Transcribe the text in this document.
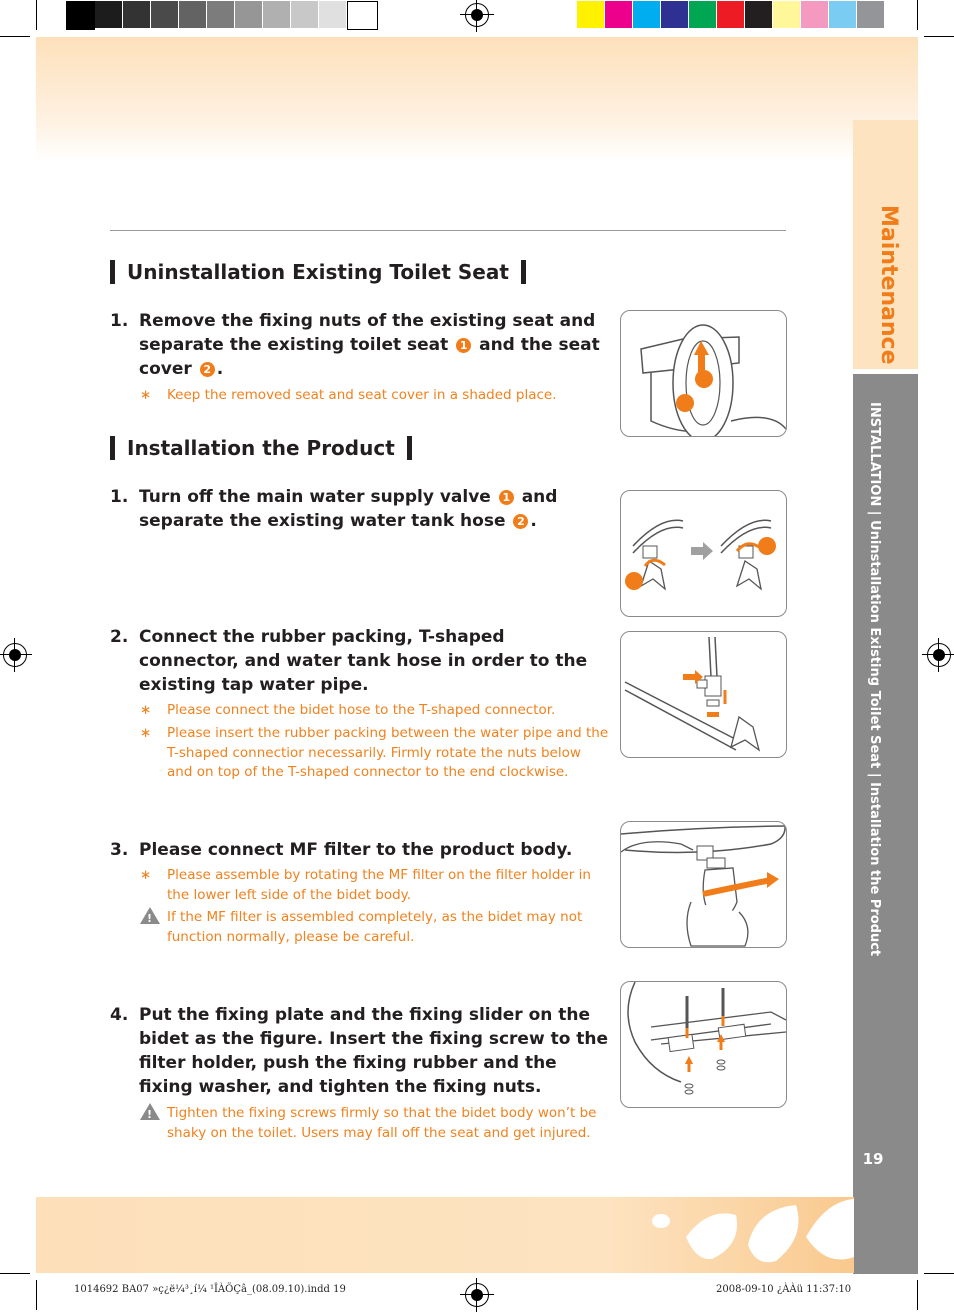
Maintenance
INSTALLATION | Uninstallation Existing Toilet Seat | Installation the Product
19
Uninstallation Existing Toilet Seat
1. Remove the fixing nuts of the existing seat and separate the existing toilet seat 1 and the seat cover 2 .
∗	Keep the removed seat and seat cover in a shaded place.
Installation the Product
1. Turn off the main water supply valve 1 and separate the existing water tank hose 2 .
2. Connect the rubber packing, T-shaped connector, and water tank hose in order to the existing tap water pipe.
∗	Please connect the bidet hose to the T-shaped connector.
∗	Please insert the rubber packing between the water pipe and the T-shaped connectior necessarily. Firmly rotate the nuts below and on top of the T-shaped connector to the end clockwise.
3. Please connect MF filter to the product body.
∗	Please assemble by rotating the MF filter on the filter holder in the lower left side of the bidet body.
!
If the MF filter is assembled completely, as the bidet may not function normally, please be careful.
4. Put the fixing plate and the fixing slider on the bidet as the figure. Insert the fixing screw to the filter holder, push the fixing rubber and the fixing washer, and tighten the fixing nuts.
!
Tighten the fixing screws firmly so that the bidet body won’t be shaky on the toilet. Users may fall off the seat and get injured.
1014692 BA07 »ç¿ë¼³¸í¼ ¹ÎÀÖÇâ_(08.09.10).indd 19	2008-09-10 ¿ÀÀü 11:37:10
